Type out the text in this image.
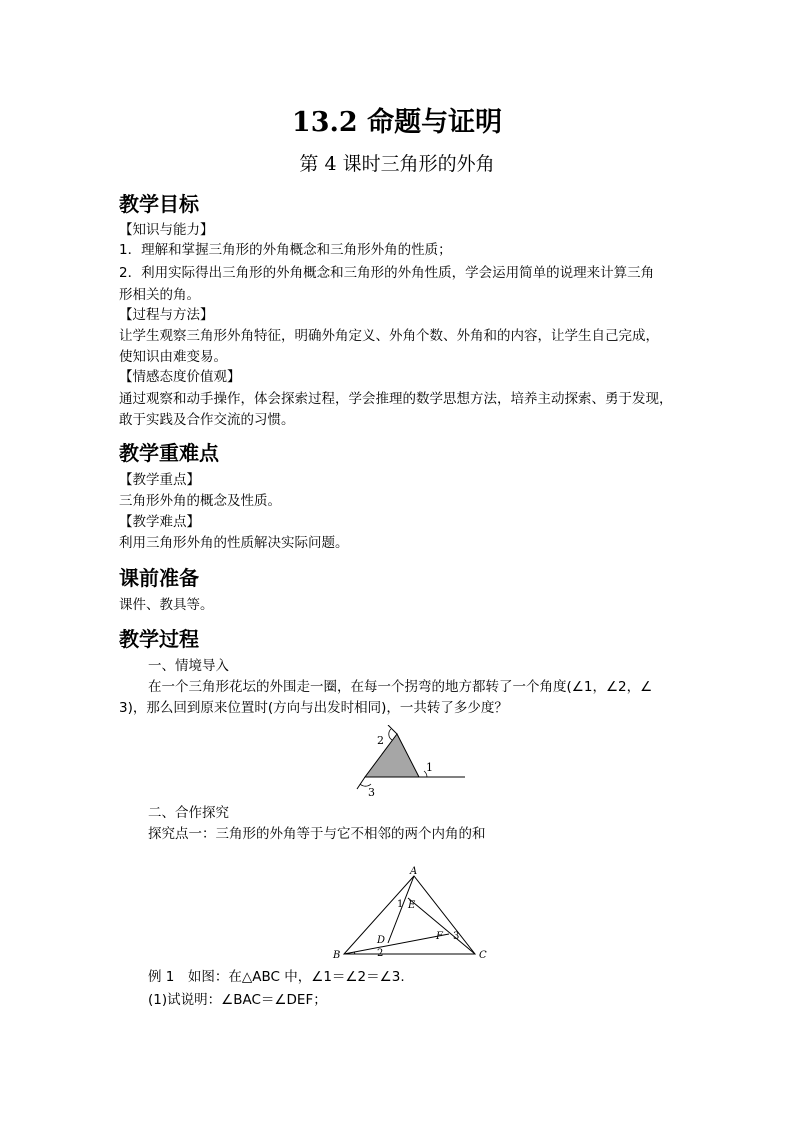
13.2 命题与证明
第 4 课时三角形的外角
教学目标
【知识与能力】
1．理解和掌握三角形的外角概念和三角形外角的性质；
2．利用实际得出三角形的外角概念和三角形的外角性质，学会运用简单的说理来计算三角
形相关的角。
【过程与方法】
让学生观察三角形外角特征，明确外角定义、外角个数、外角和的内容，让学生自己完成，
使知识由难变易。
【情感态度价值观】
通过观察和动手操作，体会探索过程，学会推理的数学思想方法，培养主动探索、勇于发现，
敢于实践及合作交流的习惯。
教学重难点
【教学重点】
三角形外角的概念及性质。
【教学难点】
利用三角形外角的性质解决实际问题。
课前准备
课件、教具等。
教学过程
一、情境导入
在一个三角形花坛的外围走一圈，在每一个拐弯的地方都转了一个角度(∠1，∠2，∠
3)，那么回到原来位置时(方向与出发时相同)，一共转了多少度？
1
2
3
二、合作探究
探究点一：三角形的外角等于与它不相邻的两个内角的和
A
B	C
D
E
F
1
2
3
例 1　如图：在△ABC 中，∠1＝∠2＝∠3.
(1)试说明：∠BAC＝∠DEF；
